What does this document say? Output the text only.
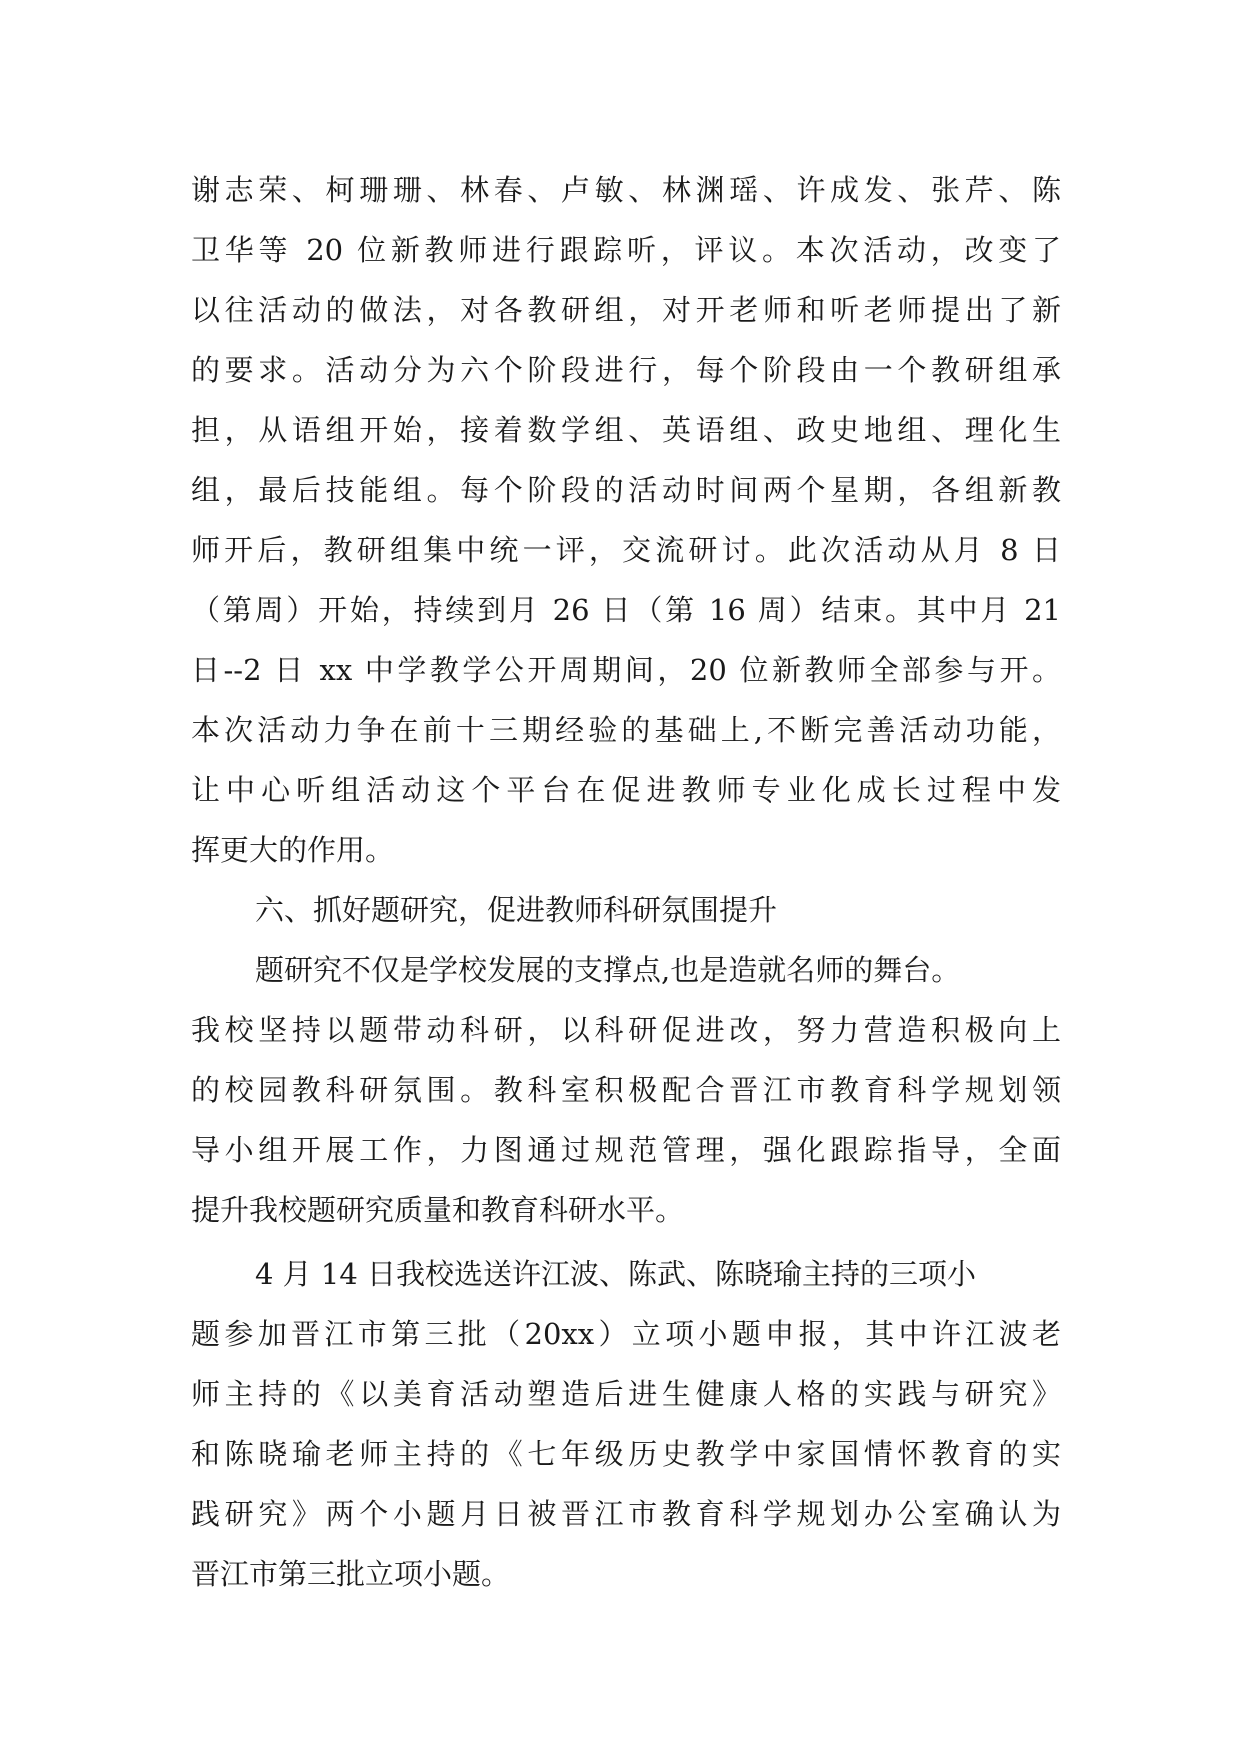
谢志荣、柯珊珊、林春、卢敏、林渊瑶、许成发、张芹、陈
卫华等 20 位新教师进行跟踪听，评议。本次活动，改变了
以往活动的做法，对各教研组，对开老师和听老师提出了新
的要求。活动分为六个阶段进行，每个阶段由一个教研组承
担，从语组开始，接着数学组、英语组、政史地组、理化生
组，最后技能组。每个阶段的活动时间两个星期，各组新教
师开后，教研组集中统一评，交流研讨。此次活动从月 8 日
（第周）开始，持续到月 26 日（第 16 周）结束。其中月 21
日--2 日 xx 中学教学公开周期间，20 位新教师全部参与开。
本次活动力争在前十三期经验的基础上,不断完善活动功能，
让中心听组活动这个平台在促进教师专业化成长过程中发
挥更大的作用。
六、抓好题研究，促进教师科研氛围提升
题研究不仅是学校发展的支撑点,也是造就名师的舞台。
我校坚持以题带动科研，以科研促进改，努力营造积极向上
的校园教科研氛围。教科室积极配合晋江市教育科学规划领
导小组开展工作，力图通过规范管理，强化跟踪指导，全面
提升我校题研究质量和教育科研水平。
4 月 14 日我校选送许江波、陈武、陈晓瑜主持的三项小
题参加晋江市第三批（20xx）立项小题申报，其中许江波老
师主持的《以美育活动塑造后进生健康人格的实践与研究》
和陈晓瑜老师主持的《七年级历史教学中家国情怀教育的实
践研究》两个小题月日被晋江市教育科学规划办公室确认为
晋江市第三批立项小题。
